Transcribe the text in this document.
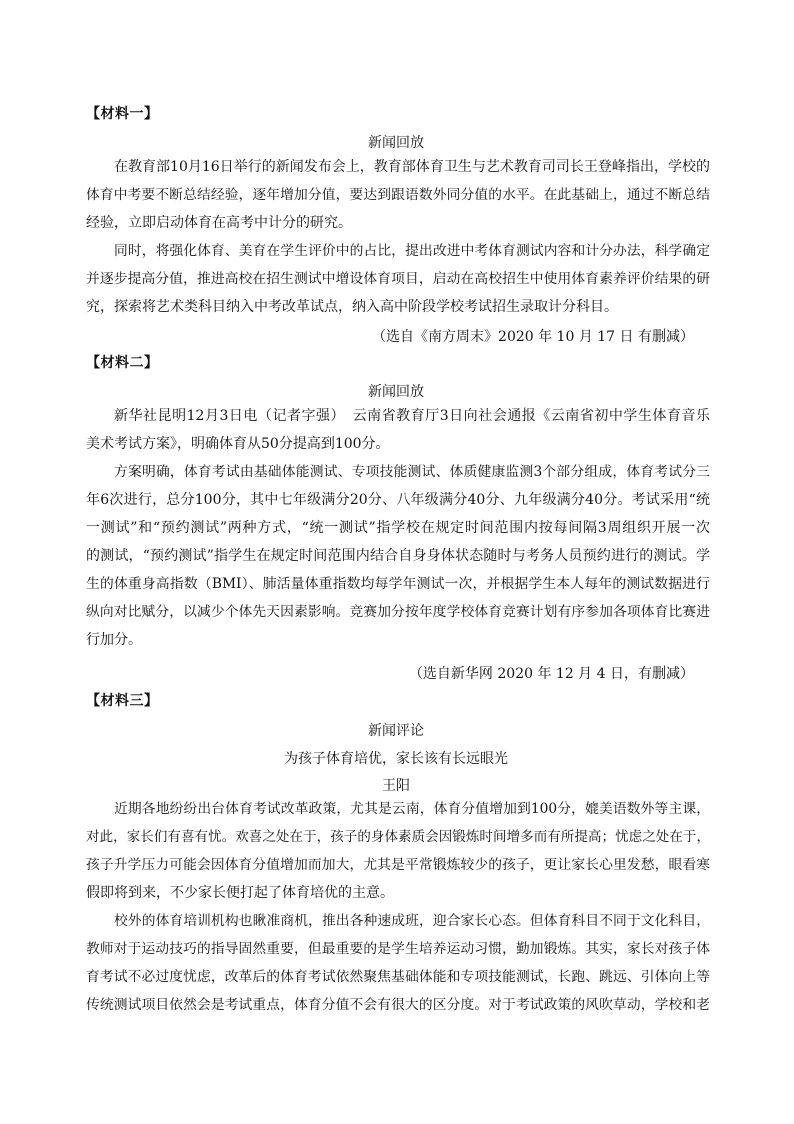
【材料一】
新闻回放
在教育部10月16日举行的新闻发布会上，教育部体育卫生与艺术教育司司长王登峰指出，学校的
体育中考要不断总结经验，逐年增加分值，要达到跟语数外同分值的水平。在此基础上，通过不断总结
经验，立即启动体育在高考中计分的研究。
同时，将强化体育、美育在学生评价中的占比，提出改进中考体育测试内容和计分办法，科学确定
并逐步提高分值，推进高校在招生测试中增设体育项目，启动在高校招生中使用体育素养评价结果的研
究，探索将艺术类科目纳入中考改革试点，纳入高中阶段学校考试招生录取计分科目。
（选自《南方周末》2020 年 10 月 17 日 有删减）
【材料二】
新闻回放
新华社昆明12月3日电（记者字强）　云南省教育厅3日向社会通报《云南省初中学生体育音乐
美术考试方案》，明确体育从50分提高到100分。
方案明确，体育考试由基础体能测试、专项技能测试、体质健康监测3个部分组成，体育考试分三
年6次进行，总分100分，其中七年级满分20分、八年级满分40分、九年级满分40分。考试采用“统
一测试”和“预约测试”两种方式，“统一测试”指学校在规定时间范围内按每间隔3周组织开展一次
的测试，“预约测试”指学生在规定时间范围内结合自身身体状态随时与考务人员预约进行的测试。学
生的体重身高指数（BMI）、肺活量体重指数均每学年测试一次，并根据学生本人每年的测试数据进行
纵向对比赋分，以减少个体先天因素影响。竞赛加分按年度学校体育竞赛计划有序参加各项体育比赛进
行加分。
（选自新华网 2020 年 12 月 4 日，有删减）
【材料三】
新闻评论
为孩子体育培优，家长该有长远眼光
王阳
近期各地纷纷出台体育考试改革政策，尤其是云南，体育分值增加到100分，媲美语数外等主课，
对此，家长们有喜有忧。欢喜之处在于，孩子的身体素质会因锻炼时间增多而有所提高；忧虑之处在于，
孩子升学压力可能会因体育分值增加而加大，尤其是平常锻炼较少的孩子，更让家长心里发愁，眼看寒
假即将到来，不少家长便打起了体育培优的主意。
校外的体育培训机构也瞅准商机，推出各种速成班，迎合家长心态。但体育科目不同于文化科目，
教师对于运动技巧的指导固然重要，但最重要的是学生培养运动习惯，勤加锻炼。其实，家长对孩子体
育考试不必过度忧虑，改革后的体育考试依然聚焦基础体能和专项技能测试，长跑、跳远、引体向上等
传统测试项目依然会是考试重点，体育分值不会有很大的区分度。对于考试政策的风吹草动，学校和老
